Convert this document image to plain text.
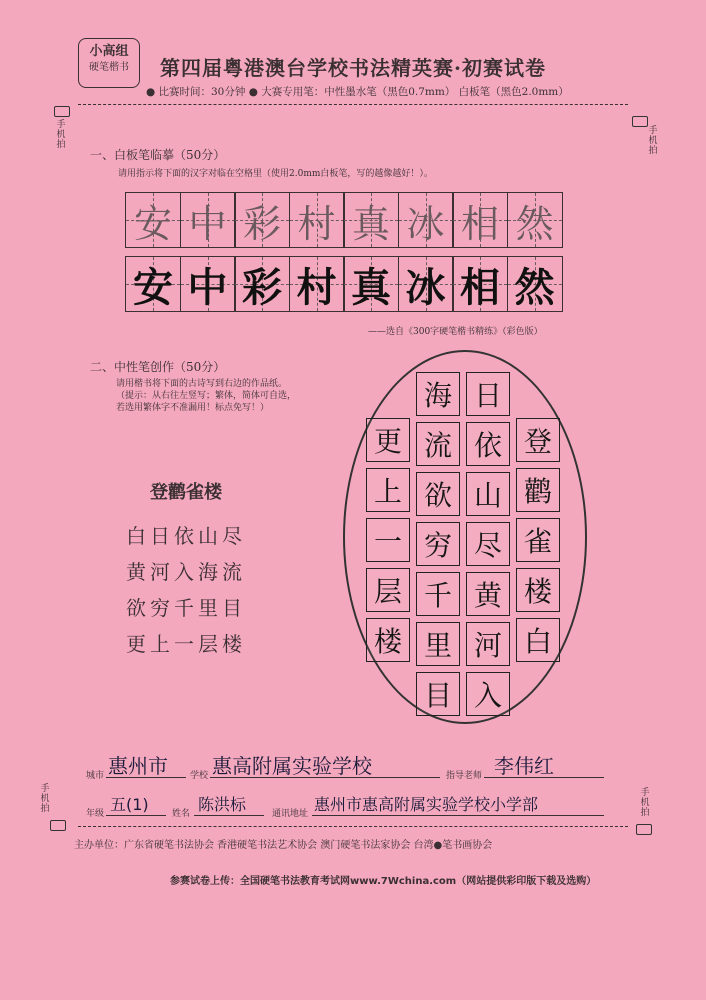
小高组
硬笔楷书	第四届粤港澳台学校书法精英赛·初赛试卷
● 比赛时间：30分钟 ● 大赛专用笔：中性墨水笔（黑色0.7mm） 白板笔（黑色2.0mm）
手机拍
手机拍
手机拍
手机拍
一、白板笔临摹（50分）
请用指示将下面的汉字对临在空格里（使用2.0mm白板笔，写的越像越好！）。
安 中 彩 村 真 冰 相 然
安 中 彩 村 真 冰 相 然
——选自《300字硬笔楷书精练》（彩色版）
二、中性笔创作（50分）
请用楷书将下面的古诗写到右边的作品纸。
（提示：从右往左竖写；繁体，简体可自选，
若选用繁体字不准漏用！标点免写！）
登鹳雀楼
白日依山尽
黄河入海流
欲穷千里目
更上一层楼
登
鹳
雀
楼
白
日
依
山
尽
黄
河
入
海
流
欲
穷
千
里
目
更
上
一
层
楼
城市 惠州市 学校 惠高附属实验学校	指导老师 李伟红
年级 五(1)	姓名 陈洪标	通讯地址 惠州市惠高附属实验学校小学部
主办单位：广东省硬笔书法协会 香港硬笔书法艺术协会 澳门硬笔书法家协会 台湾●笔书画协会
参赛试卷上传：全国硬笔书法教育考试网www.7Wchina.com（网站提供彩印版下载及选购）
